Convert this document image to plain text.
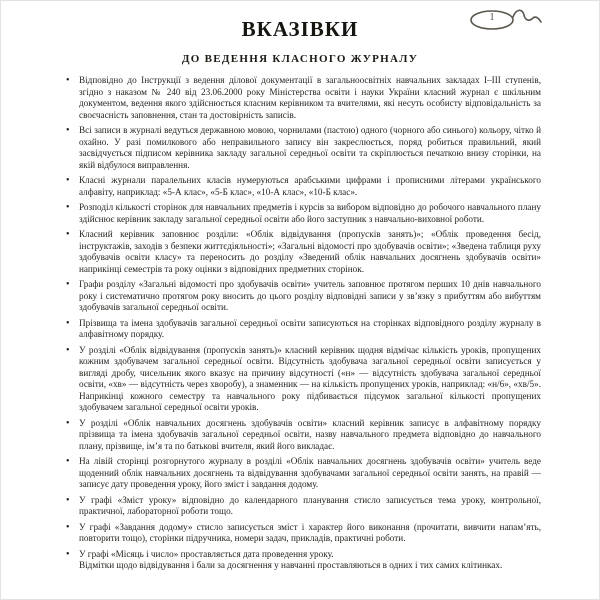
1
ВКАЗІВКИ
ДО ВЕДЕННЯ КЛАСНОГО ЖУРНАЛУ

• Відповідно до Інструкції з ведення ділової документації в загальноосвітніх навчальних закладах І–ІІІ ступенів, згідно з наказом № 240 від 23.06.2000 року Міністерства освіти і науки України класний журнал є шкільним документом, ведення якого здійснюється класним керівником та вчителями, які несуть особисту відповідальність за своєчасність заповнення, стан та достовірність записів.

• Всі записи в журналі ведуться державною мовою, чорнилами (пастою) одного (чорного або синього) кольору, чітко й охайно. У разі помилкового або неправильного запису він закреслюється, поряд робиться правильний, який засвідчується підписом керівника закладу загальної середньої освіти та скріплюється печаткою внизу сторінки, на якій відбулося виправлення.

• Класні журнали паралельних класів нумеруються арабськими цифрами і прописними літерами українського алфавіту, наприклад: «5-А клас», «5-Б клас», «10-А клас», «10-Б клас».

• Розподіл кількості сторінок для навчальних предметів і курсів за вибором відповідно до робочого навчального плану здійснює керівник закладу загальної середньої освіти або його заступник з навчально-виховної роботи.

• Класний керівник заповнює розділи: «Облік відвідування (пропусків занять)»; «Облік проведення бесід, інструктажів, заходів з безпеки життєдіяльності»; «Загальні відомості про здобувачів освіти»; «Зведена таблиця руху здобувачів освіти класу» та переносить до розділу «Зведений облік навчальних досягнень здобувачів освіти» наприкінці семестрів та року оцінки з відповідних предметних сторінок.

• Графи розділу «Загальні відомості про здобувачів освіти» учитель заповнює протягом перших 10 днів навчального року і систематично протягом року вносить до цього розділу відповідні записи у зв’язку з прибуттям або вибуттям здобувачів загальної середньої освіти.

• Прізвища та імена здобувачів загальної середньої освіти записуються на сторінках відповідного розділу журналу в алфавітному порядку.

• У розділі «Облік відвідування (пропусків занять)» класний керівник щодня відмічає кількість уроків, пропущених кожним здобувачем загальної середньої освіти. Відсутність здобувача загальної середньої освіти записується у вигляді дробу, чисельник якого вказує на причину відсутності («н» — відсутність здобувача загальної середньої освіти, «хв» — відсутність через хворобу), а знаменник — на кількість пропущених уроків, наприклад: «н/6», «хв/5». Наприкінці кожного семестру та навчального року підбивається підсумок загальної кількості пропущених здобувачем загальної середньої освіти уроків.

• У розділі «Облік навчальних досягнень здобувачів освіти» класний керівник записує в алфавітному порядку прізвища та імена здобувачів загальної середньої освіти, назву навчального предмета відповідно до навчального плану, прізвище, ім’я та по батькові вчителя, який його викладає.

• На лівій сторінці розгорнутого журналу в розділі «Облік навчальних досягнень здобувачів освіти» учитель веде щоденний облік навчальних досягнень та відвідування здобувачами загальної середньої освіти занять, на правій — записує дату проведення уроку, його зміст і завдання додому.

• У графі «Зміст уроку» відповідно до календарного планування стисло записується тема уроку, контрольної, практичної, лабораторної роботи тощо.

• У графі «Завдання додому» стисло записується зміст і характер його виконання (прочитати, вивчити напам’ять, повторити тощо), сторінки підручника, номери задач, прикладів, практичні роботи.

• У графі «Місяць і число» проставляється дата проведення уроку.

Відмітки щодо відвідування і бали за досягнення у навчанні проставляються в одних і тих самих клітинках.
